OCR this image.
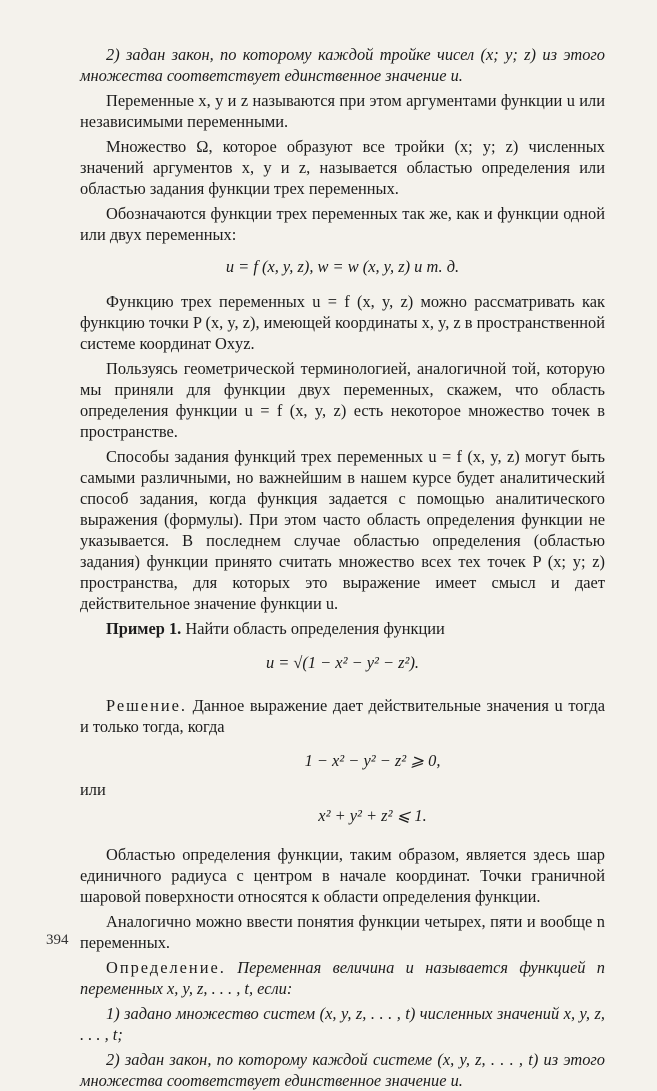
2) задан закон, по которому каждой тройке чисел (x; y; z) из этого множества соответствует единственное значение u.

Переменные x, y и z называются при этом аргументами функции u или независимыми переменными.

Множество Ω, которое образуют все тройки (x; y; z) численных значений аргументов x, y и z, называется областью определения или областью задания функции трех переменных.

Обозначаются функции трех переменных так же, как и функции одной или двух переменных:

u = f (x, y, z), w = w (x, y, z) и т. д.

Функцию трех переменных u = f (x, y, z) можно рассматривать как функцию точки P (x, y, z), имеющей координаты x, y, z в пространственной системе координат Oxyz.

Пользуясь геометрической терминологией, аналогичной той, которую мы приняли для функции двух переменных, скажем, что область определения функции u = f (x, y, z) есть некоторое множество точек в пространстве.

Способы задания функций трех переменных u = f (x, y, z) могут быть самыми различными, но важнейшим в нашем курсе будет аналитический способ задания, когда функция задается с помощью аналитического выражения (формулы). При этом часто область определения функции не указывается. В последнем случае областью определения (областью задания) функции принято считать множество всех тех точек P (x; y; z) пространства, для которых это выражение имеет смысл и дает действительное значение функции u.

Пример 1. Найти область определения функции

u = √(1 − x² − y² − z²).

Решение. Данное выражение дает действительные значения u тогда и только тогда, когда

1 − x² − y² − z² ⩾ 0,

или

x² + y² + z² ⩽ 1.

Областью определения функции, таким образом, является здесь шар единичного радиуса с центром в начале координат. Точки граничной шаровой поверхности относятся к области определения функции.

Аналогично можно ввести понятия функции четырех, пяти и вообще n переменных.

Определение. Переменная величина u называется функцией n переменных x, y, z, . . . , t, если:

1) задано множество систем (x, y, z, . . . , t) численных значений x, y, z, . . . , t;

2) задан закон, по которому каждой системе (x, y, z, . . . , t) из этого множества соответствует единственное значение u.

394
